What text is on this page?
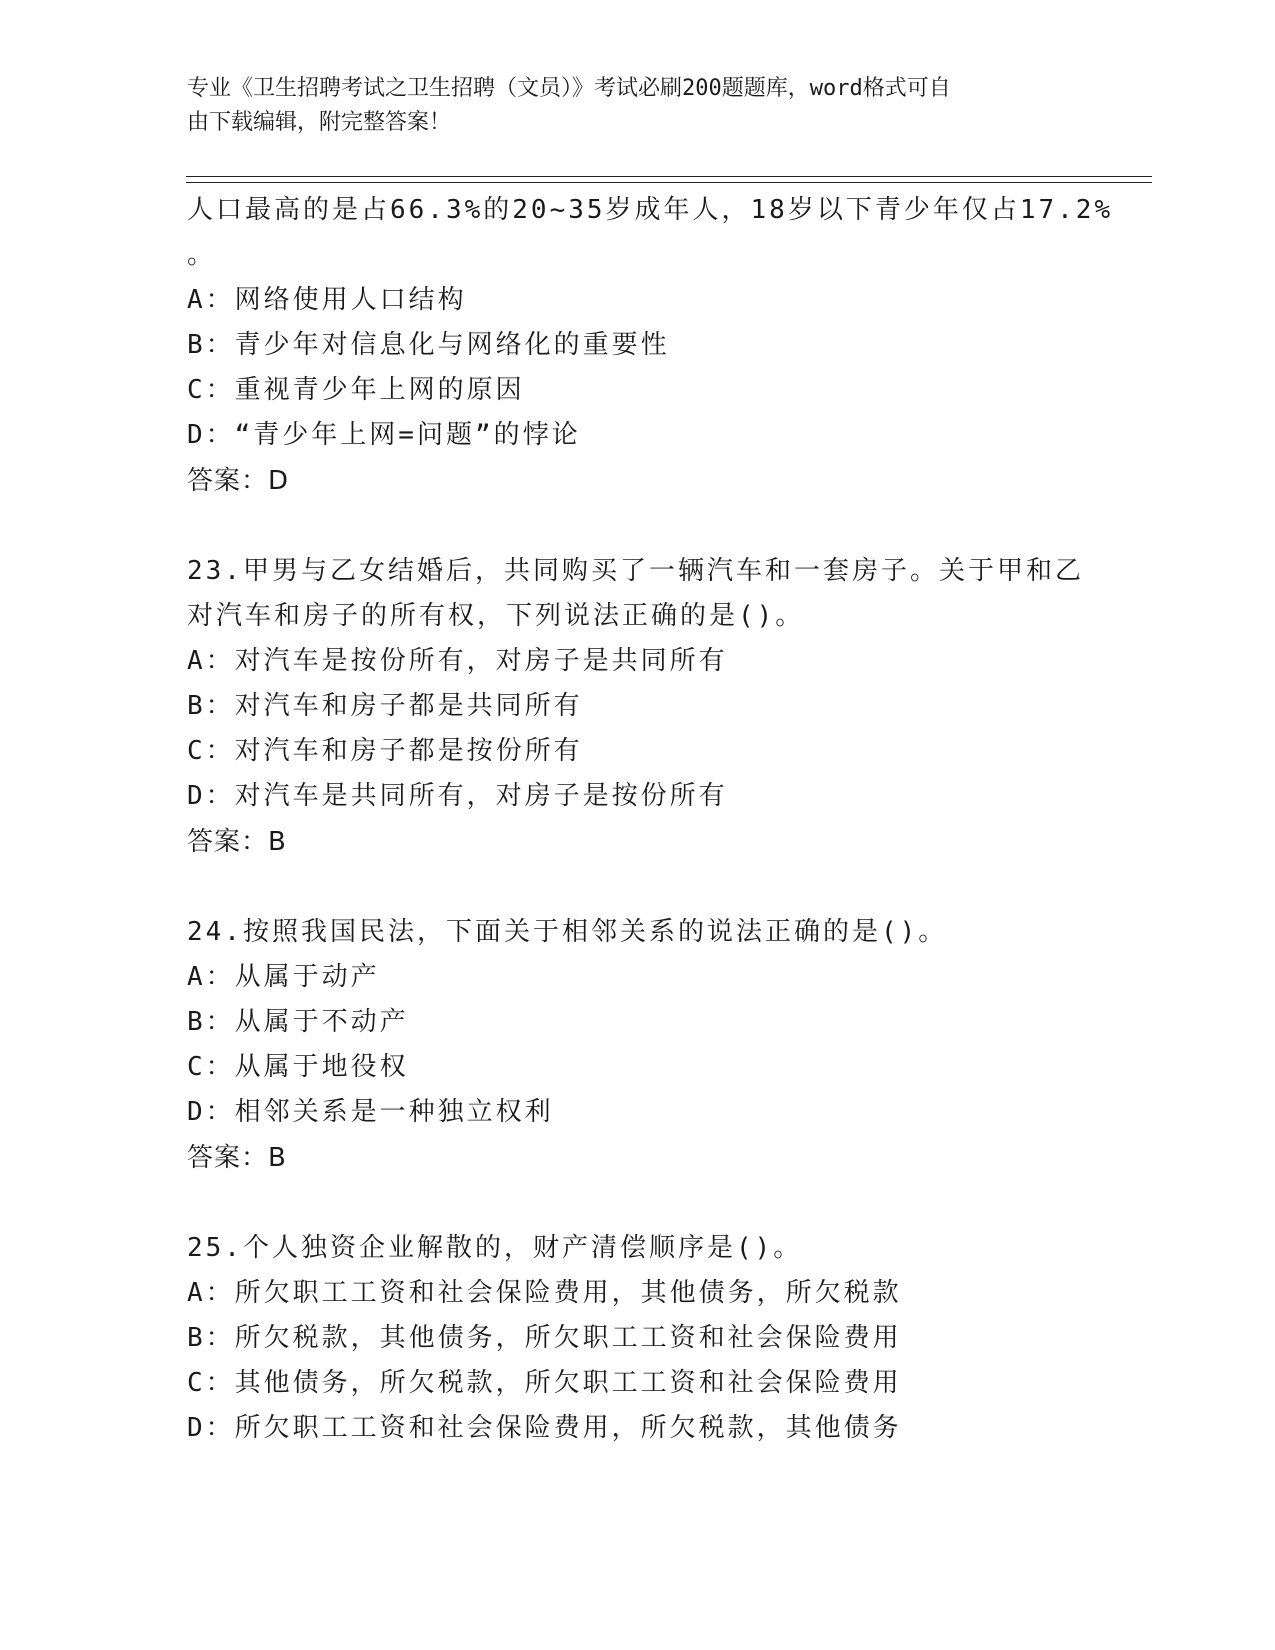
专业《卫生招聘考试之卫生招聘（文员）》考试必刷200题题库，word格式可自
由下载编辑，附完整答案！
人口最高的是占66.3%的20~35岁成年人，18岁以下青少年仅占17.2%
。
A：网络使用人口结构
B：青少年对信息化与网络化的重要性
C：重视青少年上网的原因
D：“青少年上网=问题”的悖论
答案：D
23.甲男与乙女结婚后，共同购买了一辆汽车和一套房子。关于甲和乙
对汽车和房子的所有权，下列说法正确的是()。
A：对汽车是按份所有，对房子是共同所有
B：对汽车和房子都是共同所有
C：对汽车和房子都是按份所有
D：对汽车是共同所有，对房子是按份所有
答案：B
24.按照我国民法，下面关于相邻关系的说法正确的是()。
A：从属于动产
B：从属于不动产
C：从属于地役权
D：相邻关系是一种独立权利
答案：B
25.个人独资企业解散的，财产清偿顺序是()。
A：所欠职工工资和社会保险费用，其他债务，所欠税款
B：所欠税款，其他债务，所欠职工工资和社会保险费用
C：其他债务，所欠税款，所欠职工工资和社会保险费用
D：所欠职工工资和社会保险费用，所欠税款，其他债务
